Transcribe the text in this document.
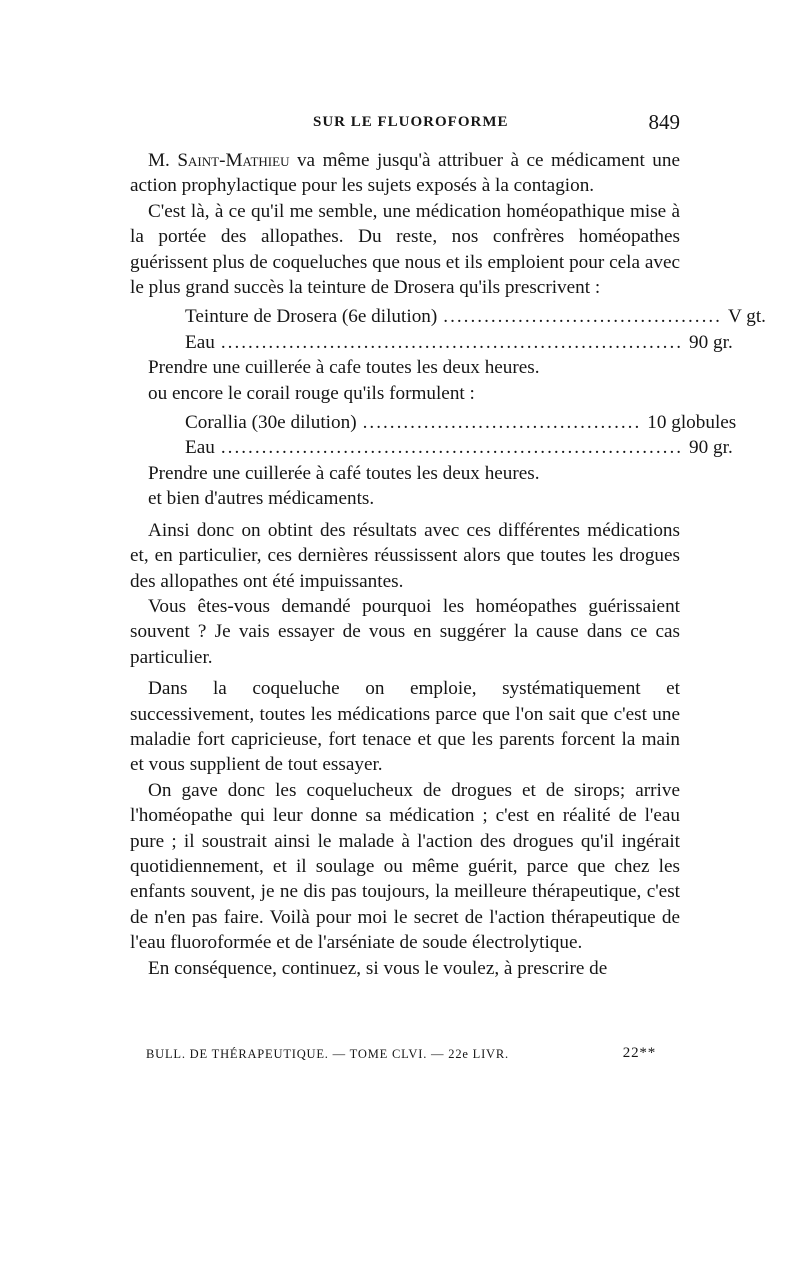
SUR LE FLUOROFORME	849

M. Saint-Mathieu va même jusqu'à attribuer à ce médicament une action prophylactique pour les sujets exposés à la contagion.

C'est là, à ce qu'il me semble, une médication homéopathique mise à la portée des allopathes. Du reste, nos confrères homéopathes guérissent plus de coqueluches que nous et ils emploient pour cela avec le plus grand succès la teinture de Drosera qu'ils prescrivent :

Teinture de Drosera (6e dilution) ......................................... V gt.
Eau .................................................................... 90 gr.

Prendre une cuillerée à cafe toutes les deux heures.

ou encore le corail rouge qu'ils formulent :

Corallia (30e dilution) ......................................... 10 globules
Eau .................................................................... 90 gr.

Prendre une cuillerée à café toutes les deux heures.

et bien d'autres médicaments.

Ainsi donc on obtint des résultats avec ces différentes médications et, en particulier, ces dernières réussissent alors que toutes les drogues des allopathes ont été impuissantes.

Vous êtes-vous demandé pourquoi les homéopathes guérissaient souvent ? Je vais essayer de vous en suggérer la cause dans ce cas particulier.

Dans la coqueluche on emploie, systématiquement et successivement, toutes les médications parce que l'on sait que c'est une maladie fort capricieuse, fort tenace et que les parents forcent la main et vous supplient de tout essayer.

On gave donc les coqueluchеux de drogues et de sirops; arrive l'homéopathe qui leur donne sa médication ; c'est en réalité de l'eau pure ; il soustrait ainsi le malade à l'action des drogues qu'il ingérait quotidiennement, et il soulage ou même guérit, parce que chez les enfants souvent, je ne dis pas toujours, la meilleure thérapeutique, c'est de n'en pas faire. Voilà pour moi le secret de l'action thérapeutique de l'eau fluoroformée et de l'arséniate de soude électrolytique.

En conséquence, continuez, si vous le voulez, à prescrire de

BULL. DE THÉRAPEUTIQUE. — TOME CLVI. — 22e LIVR.	22**
